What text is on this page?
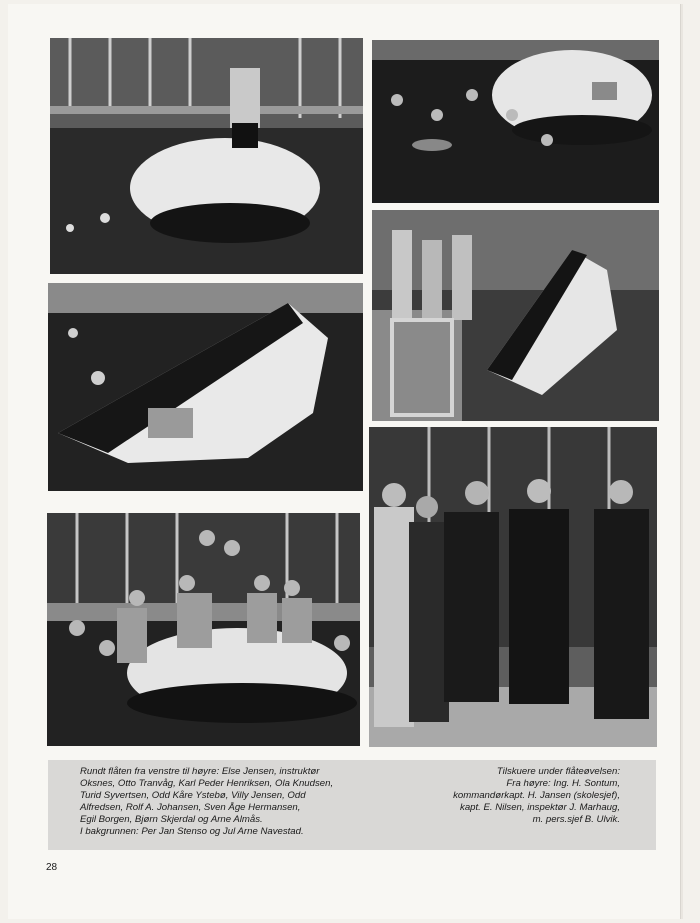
Rundt flåten fra venstre til høyre: Else Jensen, instruktør
Oksnes, Otto Tranvåg, Karl Peder Henriksen, Ola Knudsen,
Turid Syvertsen, Odd Kåre Ystebø, Villy Jensen, Odd
Alfredsen, Rolf A. Johansen, Sven Åge Hermansen,
Egil Borgen, Bjørn Skjerdal og Arne Almås.
I bakgrunnen: Per Jan Stenso og Jul Arne Navestad.
Tilskuere under flåteøvelsen:
Fra høyre: Ing. H. Sontum,
kommandørkapt. H. Jansen (skolesjef),
kapt. E. Nilsen, inspektør J. Marhaug,
m. pers.sjef B. Ulvik.
28
